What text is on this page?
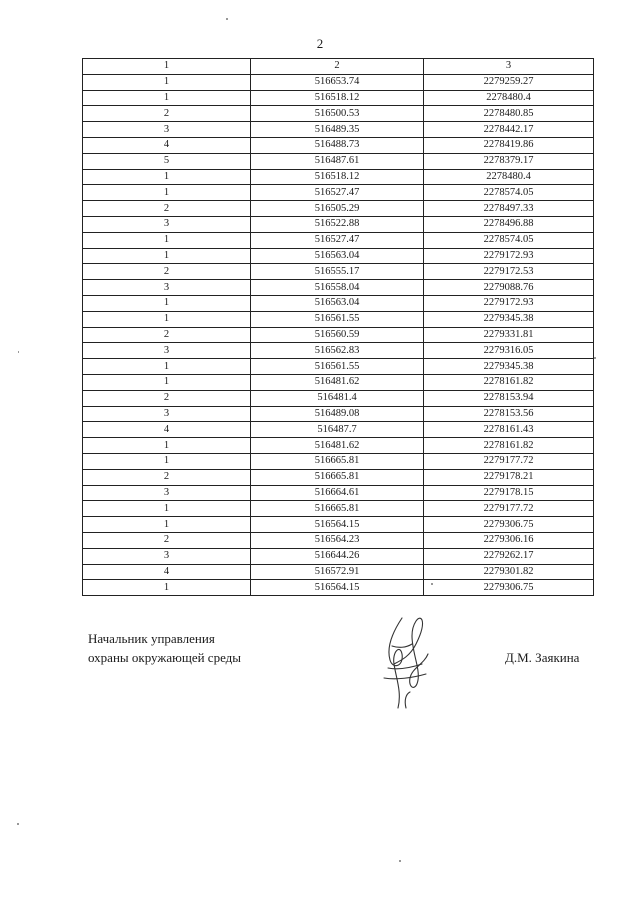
2
1	2	3
1	516653.74	2279259.27
1	516518.12	2278480.4
2	516500.53	2278480.85
3	516489.35	2278442.17
4	516488.73	2278419.86
5	516487.61	2278379.17
1	516518.12	2278480.4
1	516527.47	2278574.05
2	516505.29	2278497.33
3	516522.88	2278496.88
1	516527.47	2278574.05
1	516563.04	2279172.93
2	516555.17	2279172.53
3	516558.04	2279088.76
1	516563.04	2279172.93
1	516561.55	2279345.38
2	516560.59	2279331.81
3	516562.83	2279316.05
1	516561.55	2279345.38
1	516481.62	2278161.82
2	516481.4	2278153.94
3	516489.08	2278153.56
4	516487.7	2278161.43
1	516481.62	2278161.82
1	516665.81	2279177.72
2	516665.81	2279178.21
3	516664.61	2279178.15
1	516665.81	2279177.72
1	516564.15	2279306.75
2	516564.23	2279306.16
3	516644.26	2279262.17
4	516572.91	2279301.82
1	516564.15	2279306.75
Начальник управления
охраны окружающей среды	Д.М. Заякина
